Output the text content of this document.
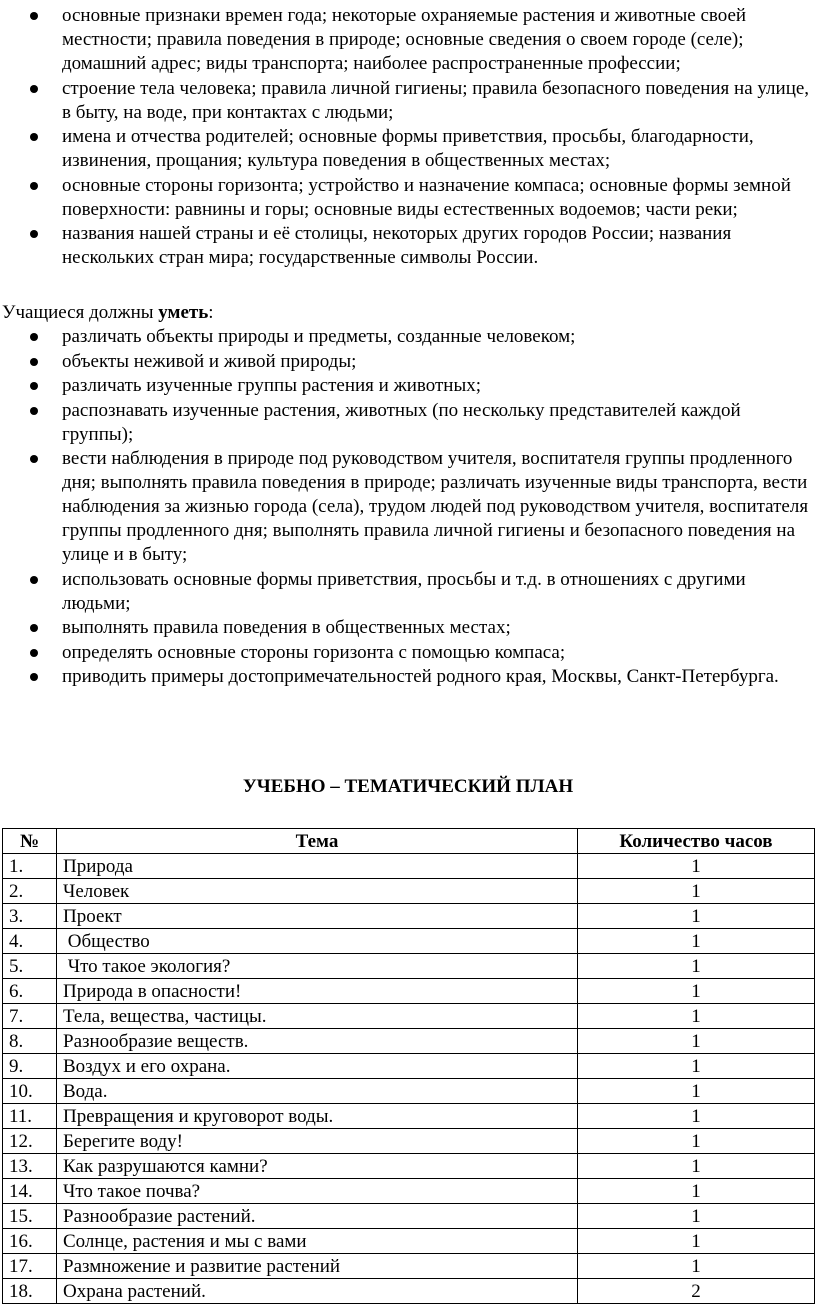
основные признаки времен года; некоторые охраняемые растения и животные своей местности; правила поведения в природе; основные сведения о своем городе (селе); домашний адрес; виды транспорта; наиболее распространенные профессии;
строение тела человека; правила личной гигиены; правила безопасного поведения на улице, в быту, на воде, при контактах с людьми;
имена и отчества родителей; основные формы приветствия, просьбы, благодарности, извинения, прощания; культура поведения в общественных местах;
основные стороны горизонта; устройство и назначение компаса; основные формы земной поверхности: равнины и горы; основные виды естественных водоемов; части реки;
названия нашей страны и её столицы, некоторых других городов России; названия нескольких стран мира; государственные символы России.
Учащиеся должны уметь:
различать объекты природы и предметы, созданные человеком;
объекты неживой и живой природы;
различать изученные группы растения и животных;
распознавать изученные растения, животных (по нескольку представителей каждой группы);
вести наблюдения в природе под руководством учителя, воспитателя группы продленного дня; выполнять правила поведения в природе; различать изученные виды транспорта, вести наблюдения за жизнью города (села), трудом людей под руководством учителя, воспитателя группы продленного дня; выполнять правила личной гигиены и безопасного поведения на улице и в быту;
использовать основные формы приветствия, просьбы и т.д. в отношениях с другими людьми;
выполнять правила поведения в общественных местах;
определять основные стороны горизонта с помощью компаса;
приводить примеры достопримечательностей родного края, Москвы, Санкт-Петербурга.
УЧЕБНО – ТЕМАТИЧЕСКИЙ ПЛАН
№	Тема	Количество часов
1.	Природа	1
2.	Человек	1
3.	Проект	1
4.	Общество	1
5.	Что такое экология?	1
6.	Природа в опасности!	1
7.	Тела, вещества, частицы.	1
8.	Разнообразие веществ.	1
9.	Воздух и его охрана.	1
10.	Вода.	1
11.	Превращения и круговорот воды.	1
12.	Берегите воду!	1
13.	Как разрушаются камни?	1
14.	Что такое почва?	1
15.	Разнообразие растений.	1
16.	Солнце, растения и мы с вами	1
17.	Размножение и развитие растений	1
18.	Охрана растений.	2
